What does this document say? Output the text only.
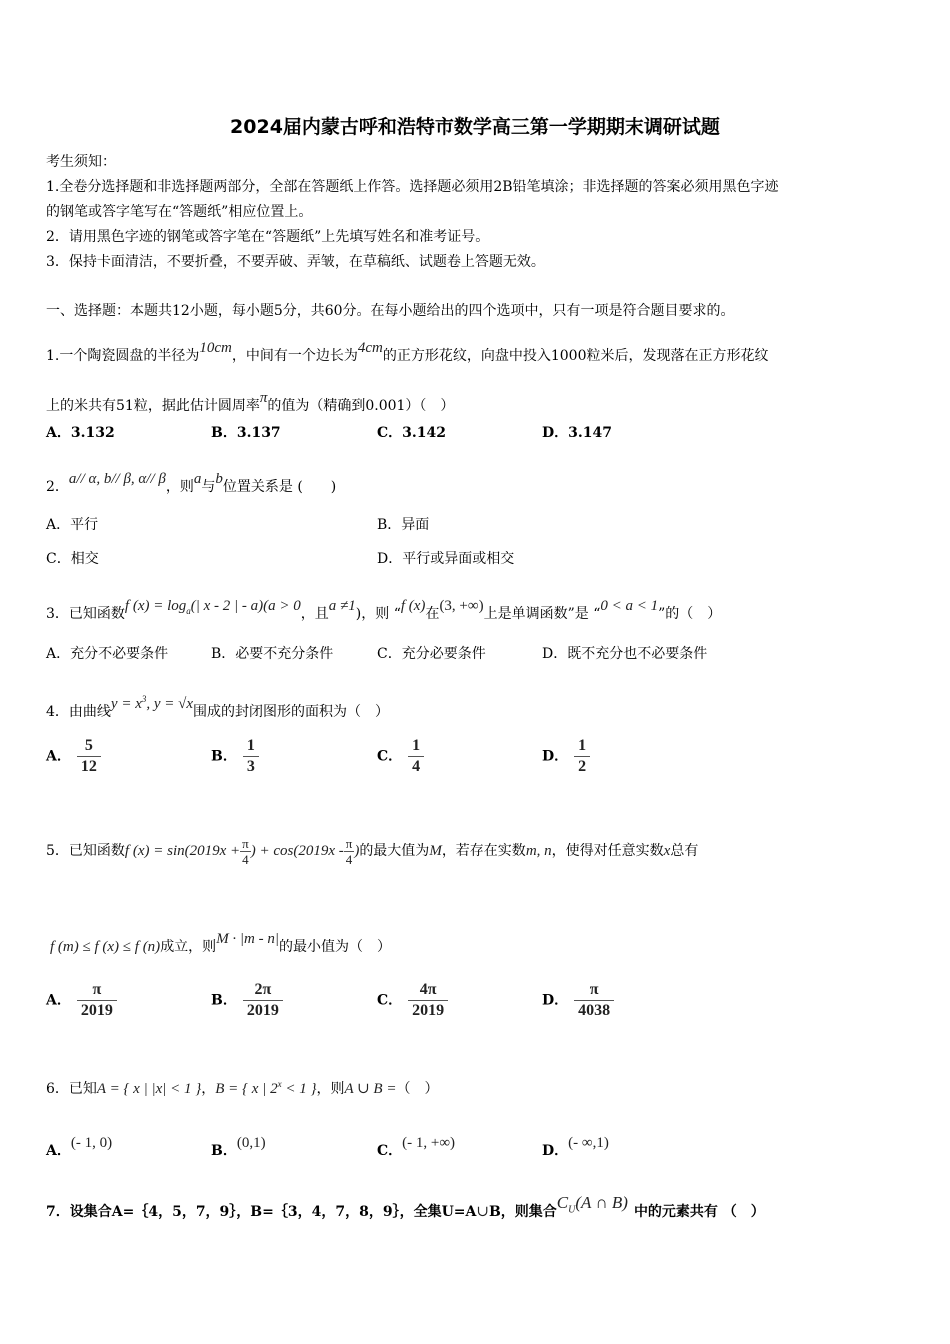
2024届内蒙古呼和浩特市数学高三第一学期期末调研试题
考生须知：
1.全卷分选择题和非选择题两部分，全部在答题纸上作答。选择题必须用2B铅笔填涂；非选择题的答案必须用黑色字迹
的钢笔或答字笔写在“答题纸”相应位置上。
2．请用黑色字迹的钢笔或答字笔在“答题纸”上先填写姓名和准考证号。
3．保持卡面清洁，不要折叠，不要弄破、弄皱，在草稿纸、试题卷上答题无效。
一、选择题：本题共12小题，每小题5分，共60分。在每小题给出的四个选项中，只有一项是符合题目要求的。
1.一个陶瓷圆盘的半径为10cm，中间有一个边长为4cm的正方形花纹，向盘中投入1000粒米后，发现落在正方形花纹
上的米共有51粒，据此估计圆周率π的值为（精确到0.001）（　）
A．3.132	B．3.137	C．3.142	D．3.147
2．a// α, b// β, α// β，则a与b位置关系是 (　　)
A．平行	B．异面
C．相交	D．平行或异面或相交
3．已知函数f $(x) = \log_a(|$ x - 2 | - a)(a > 0，且a ≠1)，则 “f (x)在(3, +∞)上是单调函数”是 “0 < a < 1”的（　）
A．充分不必要条件	B．必要不充分条件	C．充分必要条件	D．既不充分也不必要条件
4．由曲线$y = x^3$, y = √x围成的封闭图形的面积为（　）
A． $\frac{5}{12}$	B． $\frac{1}{3}$	C． $\frac{1}{4}$	D． $\frac{1}{2}$
5．已知函数f $(x) = \sin(2019x + \frac{\pi}{4}$ ) + $\cos(2019x - \frac{\pi}{4}$ )的最大值为M，若存在实数m, n，使得对任意实数x总有
f (m) ≤ f (x) ≤ f (n)成立，则M · |m - n|的最小值为（　）
A． $\frac{\pi}{2019}$	B． $\frac{2\pi}{2019}$	C． $\frac{4\pi}{2019}$	D． $\frac{\pi}{4038}$
6．已知A = { x | |x| < 1 }，B = { x | $2^x < 1$ }，则A ∪ B =（　）
A．(- 1, 0)	B．(0,1)	C．(- 1, +∞)	D．(- ∞,1)
7．设集合A=｛4，5，7，9｝，B=｛3，4，7，8，9｝，全集U=A∪B，则集合$C_U(A$ ∩ B) 中的元素共有 （　）
